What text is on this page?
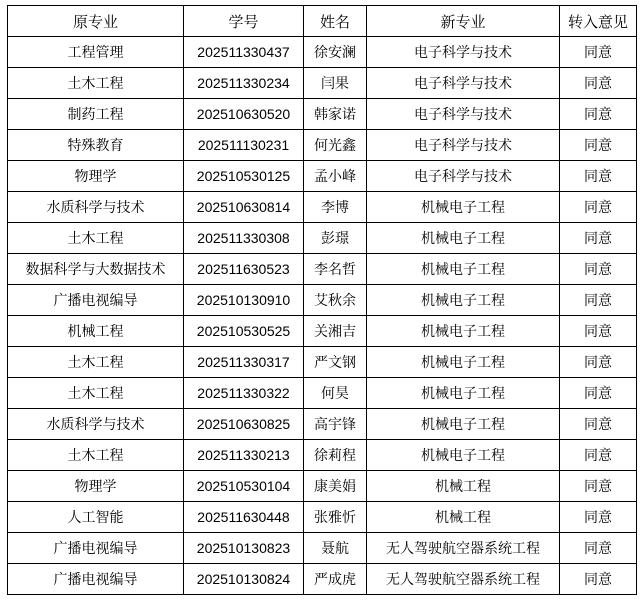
原专业	学号	姓名	新专业	转入意见
工程管理	202511330437	徐安澜	电子科学与技术	同意
土木工程	202511330234	闫果	电子科学与技术	同意
制药工程	202510630520	韩家诺	电子科学与技术	同意
特殊教育	202511130231	何光鑫	电子科学与技术	同意
物理学	202510530125	孟小峰	电子科学与技术	同意
水质科学与技术	202510630814	李博	机械电子工程	同意
土木工程	202511330308	彭璟	机械电子工程	同意
数据科学与大数据技术	202511630523	李名哲	机械电子工程	同意
广播电视编导	202510130910	艾秋余	机械电子工程	同意
机械工程	202510530525	关湘吉	机械电子工程	同意
土木工程	202511330317	严文钢	机械电子工程	同意
土木工程	202511330322	何昊	机械电子工程	同意
水质科学与技术	202510630825	高宇锋	机械电子工程	同意
土木工程	202511330213	徐莉程	机械电子工程	同意
物理学	202510530104	康美娟	机械工程	同意
人工智能	202511630448	张雅忻	机械工程	同意
广播电视编导	202510130823	聂航	无人驾驶航空器系统工程	同意
广播电视编导	202510130824	严成虎	无人驾驶航空器系统工程	同意
